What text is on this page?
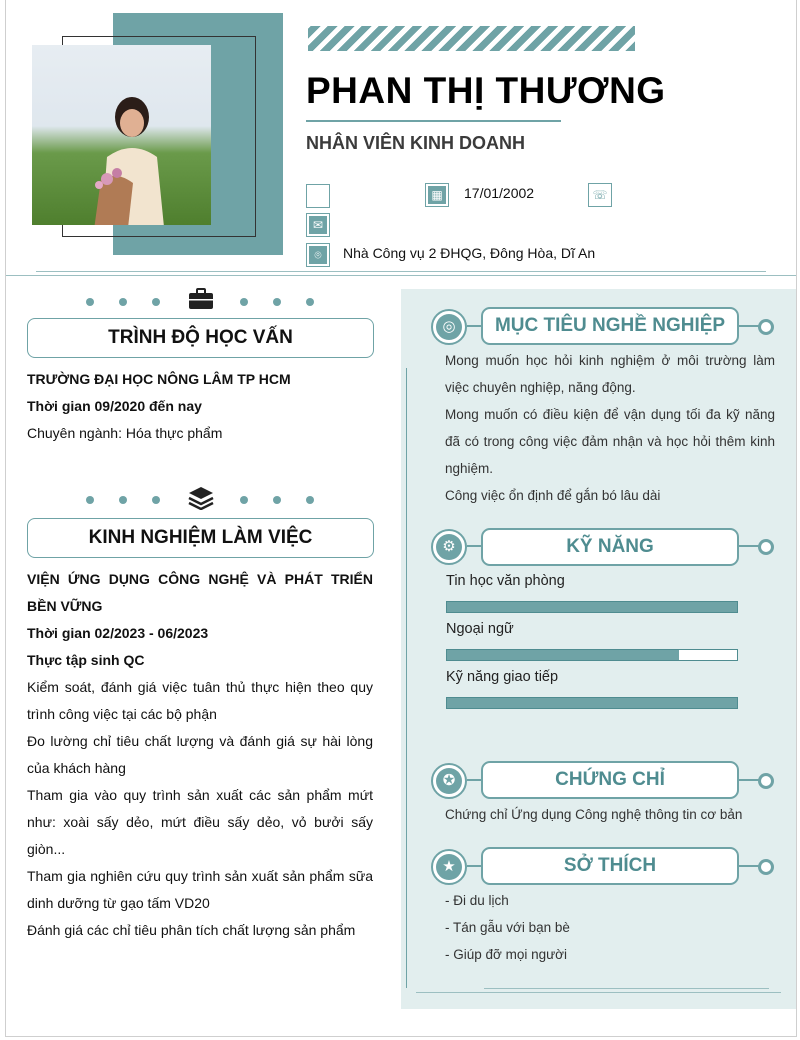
PHAN THỊ THƯƠNG
NHÂN VIÊN KINH DOANH
▦ 17/01/2002	☏
✉
⌾	Nhà Công vụ 2 ĐHQG, Đông Hòa, Dĩ An
TRÌNH ĐỘ HỌC VẤN
TRƯỜNG ĐẠI HỌC NÔNG LÂM TP HCM
Thời gian 09/2020 đến nay
Chuyên ngành: Hóa thực phẩm
KINH NGHIỆM LÀM VIỆC
VIỆN ỨNG DỤNG CÔNG NGHỆ VÀ PHÁT TRIỂN BỀN VỮNG
Thời gian 02/2023 - 06/2023
Thực tập sinh QC
Kiểm soát, đánh giá việc tuân thủ thực hiện theo quy trình công việc tại các bộ phận
Đo lường chỉ tiêu chất lượng và đánh giá sự hài lòng của khách hàng
Tham gia vào quy trình sản xuất các sản phẩm mứt như: xoài sấy dẻo, mứt điều sấy dẻo, vỏ bưởi sấy giòn...
Tham gia nghiên cứu quy trình sản xuất sản phẩm sữa dinh dưỡng từ gạo tấm VD20
Đánh giá các chỉ tiêu phân tích chất lượng sản phẩm
◎	MỤC TIÊU NGHỀ NGHIỆP
Mong muốn học hỏi kinh nghiệm ở môi trường làm việc chuyên nghiệp, năng động.
Mong muốn có điều kiện để vận dụng tối đa kỹ năng đã có trong công việc đảm nhận và học hỏi thêm kinh nghiệm.
Công việc ổn định để gắn bó lâu dài
⚙	KỸ NĂNG
Tin học văn phòng
Ngoại ngữ
Kỹ năng giao tiếp
✪	CHỨNG CHỈ
Chứng chỉ Ứng dụng Công nghệ thông tin cơ bản
★	SỞ THÍCH
- Đi du lịch
- Tán gẫu với bạn bè
- Giúp đỡ mọi người
